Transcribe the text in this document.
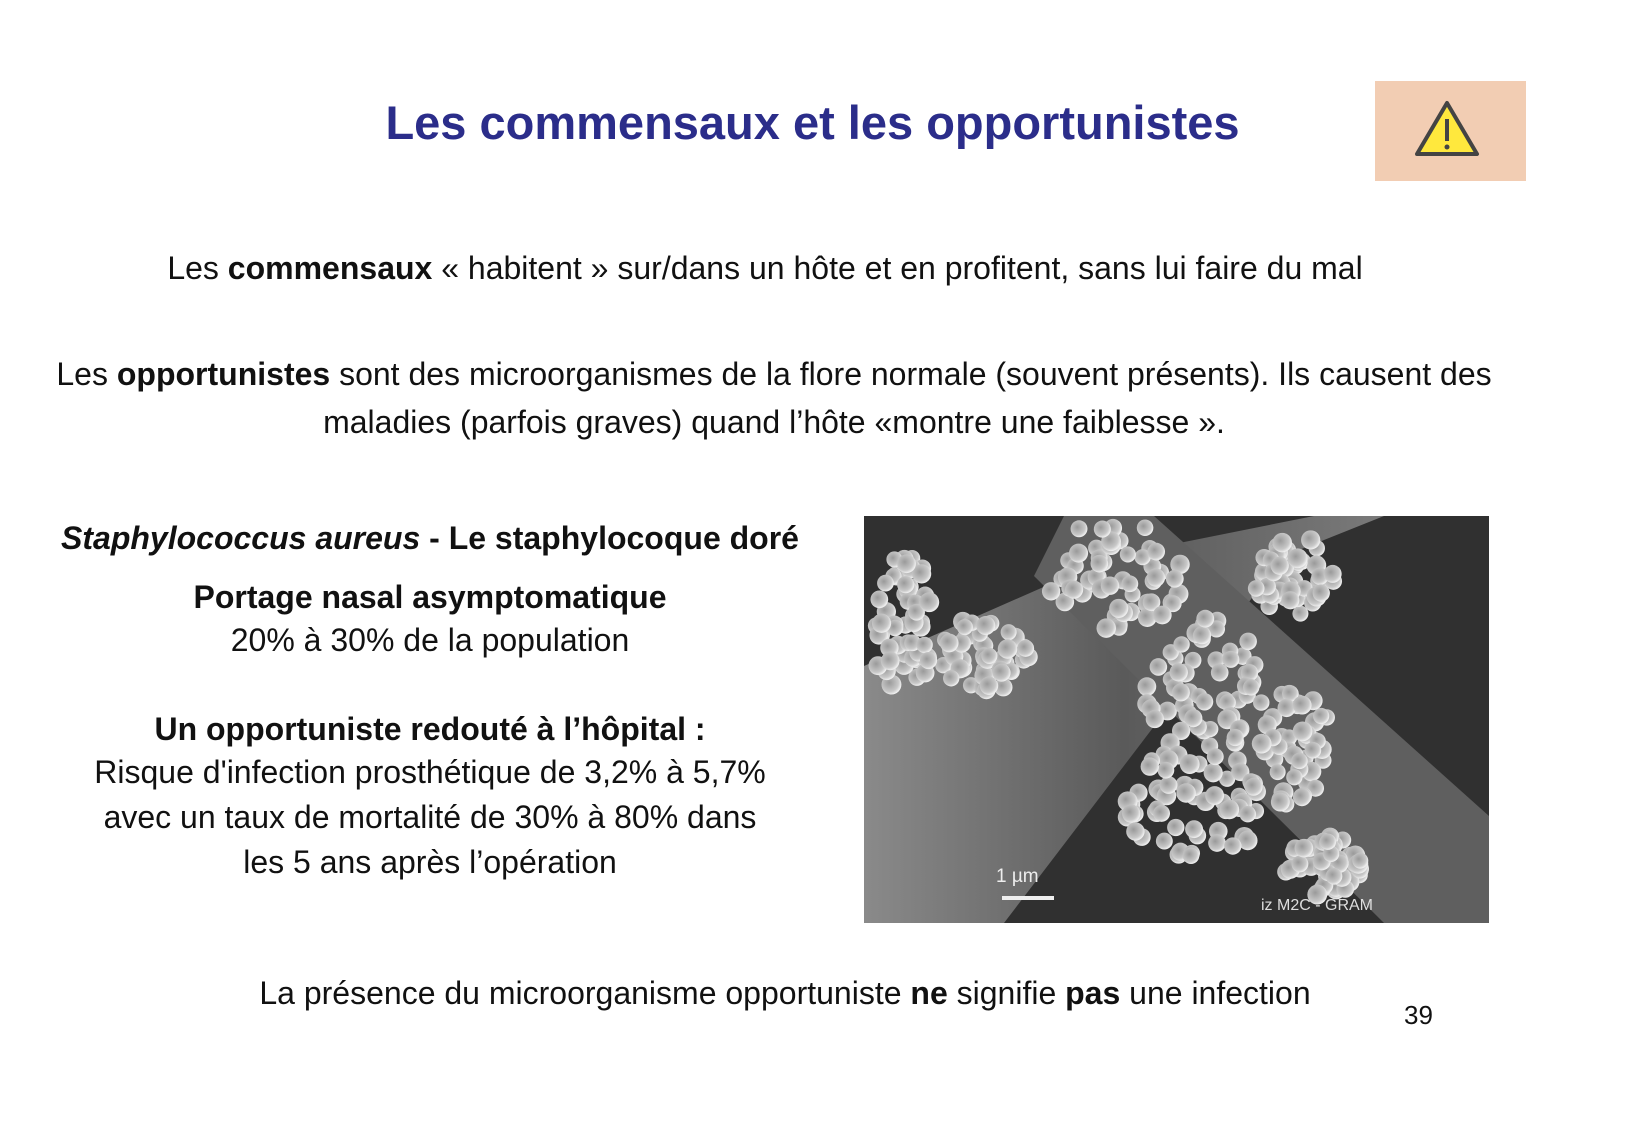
Les commensaux et les opportunistes
Les commensaux « habitent » sur/dans un hôte et en profitent, sans lui faire du mal
Les opportunistes sont des microorganismes de la flore normale (souvent présents). Ils causent des maladies (parfois graves) quand l’hôte «montre une faiblesse ».
Staphylococcus aureus - Le staphylocoque doré
Portage nasal asymptomatique
20% à 30% de la population
Un opportuniste redouté à l’hôpital :
Risque d'infection prosthétique de 3,2% à 5,7%
avec un taux de mortalité de 30% à 80% dans
les 5 ans après l’opération	1 µm
iz M2C - GRAM
La présence du microorganisme opportuniste ne signifie pas une infection
39
